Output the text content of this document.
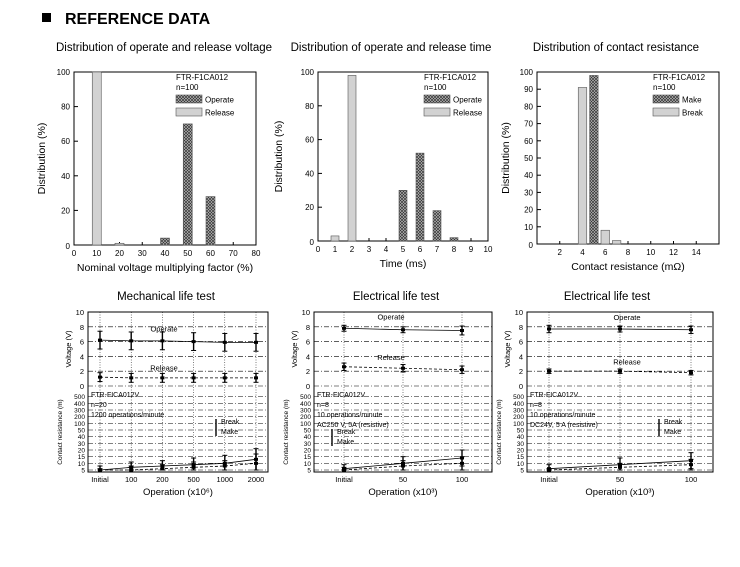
REFERENCE DATA
Distribution of operate and release voltage
20
40
60
80
100
0
0 10 20 30 40 50 60 70 80
Nominal voltage multiplying factor (%)
Distribution (%)
FTR-F1CA012
n=100
Operate
Release
Distribution of operate and release time
20
40
60
80
100
0
0 1 2 3 4 5 6 7 8 9 10
Time (ms)
Distribution (%)
FTR-F1CA012
n=100
Operate
Release
Distribution of contact resistance
10
20
30
40
50
60
70
80
90
100
0
2 4 6 8 10 12 14
Contact resistance (mΩ)
Distribution (%)
FTR-F1CA012
n=100
Make
Break
Mechanical life test
0
2
4
6
8
10
Voltage (V)
5
10
15
20
30
40
50
100
200
300
400
500
Contact resistance (m)
Initial 100 200 500 1000 2000
Operation (x10⁶)
Operate
Release
FTR-FICA012V
n=20
1200 operations/minute
Break
Make
Electrical life test
0
2
4
6
8
10
Voltage (V)
5
10
15
20
30
40
50
100
200
300
400
500
Contact resistance (m)
Initial	50	100
Operation (x10³)
Operate
Release
FTR-FICA012V
n=8
10 operations/minute
AC250 V, 5A (resistive)
Break
Make
Electrical life test
0
2
4
6
8
10
Voltage (V)
5
10
15
20
30
40
50
100
200
300
400
500
Contact resistance (m)
Initial	50	100
Operation (x10³)
Operate
Release
FTR-FICA012V
n=8
10 operations/minute
DC24V, 5 A (resistive)	Break
Make
